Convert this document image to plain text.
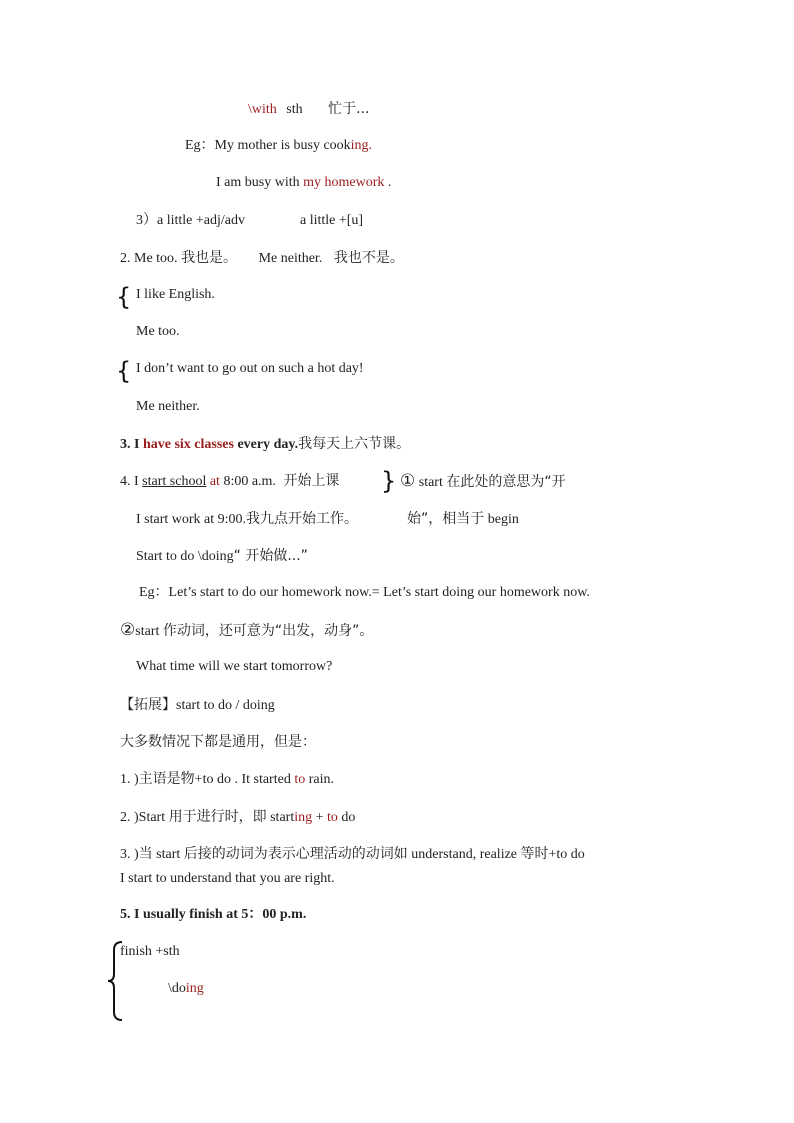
\with sth 忙于...
Eg：My mother is busy cooking.
I am busy with my homework .
3）a little +adj/adv	a little +[u]
2. Me too. 我也是。 Me neither. 我也不是。
{ I like English.
Me too.
{ I don’t want to go out on such a hot day!
Me neither.
3. I have six classes every day.我每天上六节课。
4. I start school at 8:00 a.m. 开始上课 } ① start 在此处的意思为“开
I start work at 9:00.我九点开始工作。	始”，相当于 begin
Start to do \doing“ 开始做...”
Eg：Let’s start to do our homework now.= Let’s start doing our homework now.
②start 作动词，还可意为“出发，动身”。
What time will we start tomorrow?
【拓展】start to do / doing
大多数情况下都是通用，但是：
1. )主语是物+to do . It started to rain.
2. )Start 用于进行时，即 starting + to do
3. )当 start 后接的动词为表示心理活动的动词如 understand, realize 等时+to do
I start to understand that you are right.
5. I usually finish at 5：00 p.m.
finish +sth
\doing
